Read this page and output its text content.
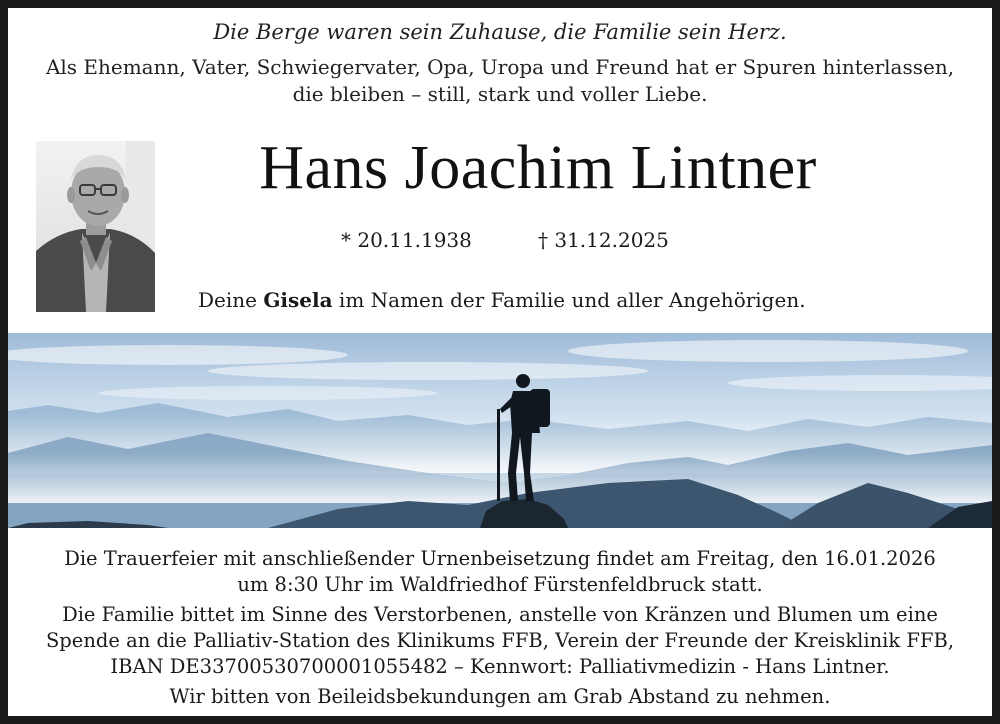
Die Berge waren sein Zuhause, die Familie sein Herz.
Als Ehemann, Vater, Schwiegervater, Opa, Uropa und Freund hat er Spuren hinterlassen,
die bleiben – still, stark und voller Liebe.
Hans Joachim Lintner
* 20.11.1938	† 31.12.2025
Deine Gisela im Namen der Familie und aller Angehörigen.
Die Trauerfeier mit anschließender Urnenbeisetzung findet am Freitag, den 16.01.2026
um 8:30 Uhr im Waldfriedhof Fürstenfeldbruck statt.
Die Familie bittet im Sinne des Verstorbenen, anstelle von Kränzen und Blumen um eine
Spende an die Palliativ-Station des Klinikums FFB, Verein der Freunde der Kreisklinik FFB,
IBAN DE33700530700001055482 – Kennwort: Palliativmedizin - Hans Lintner.
Wir bitten von Beileidsbekundungen am Grab Abstand zu nehmen.
